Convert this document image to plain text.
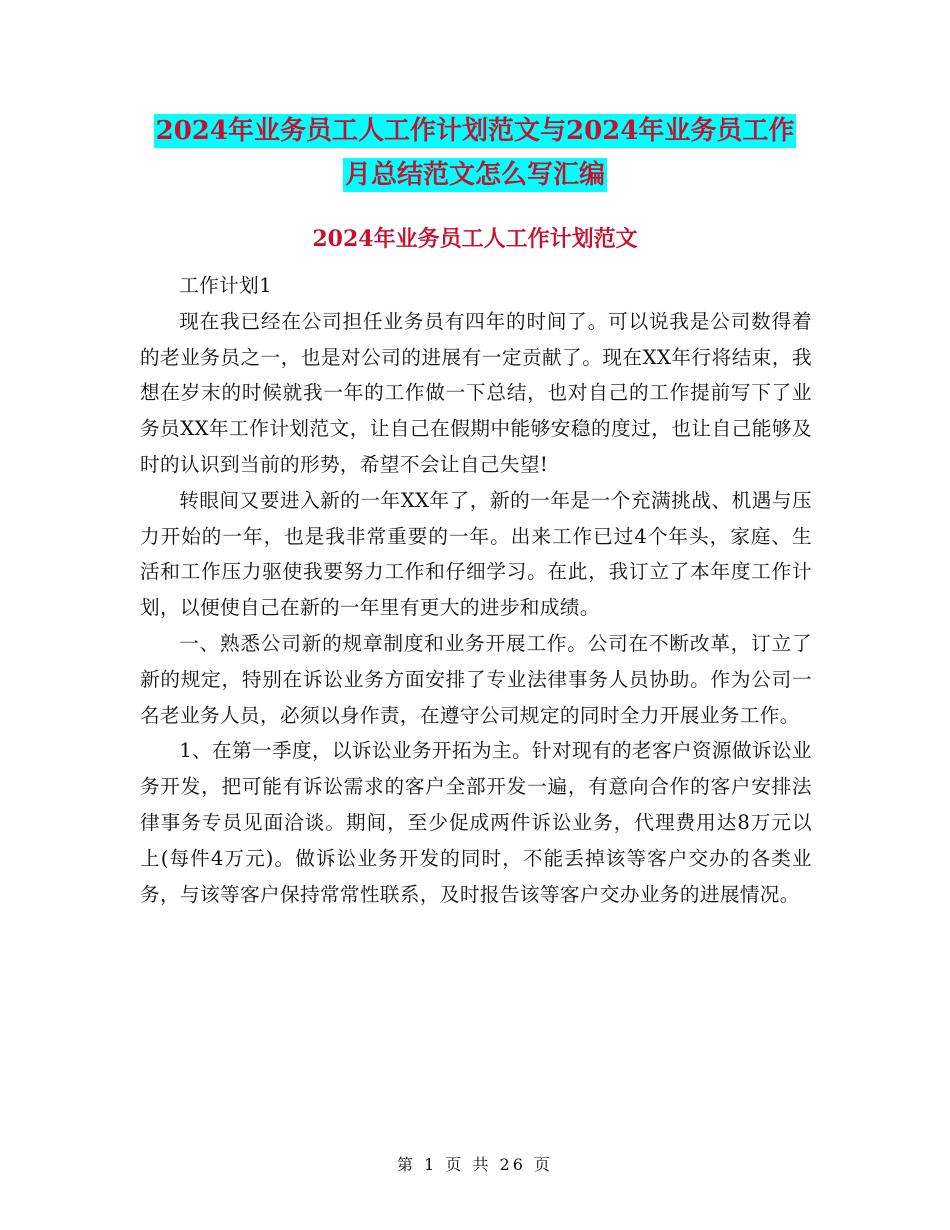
2024年业务员工人工作计划范文与2024年业务员工作
月总结范文怎么写汇编
2024年业务员工人工作计划范文

工作计划1

现在我已经在公司担任业务员有四年的时间了。可以说我是公司数得着的老业务员之一，也是对公司的进展有一定贡献了。现在XX年行将结束，我想在岁末的时候就我一年的工作做一下总结，也对自己的工作提前写下了业务员XX年工作计划范文，让自己在假期中能够安稳的度过，也让自己能够及时的认识到当前的形势，希望不会让自己失望!

转眼间又要进入新的一年XX年了，新的一年是一个充满挑战、机遇与压力开始的一年，也是我非常重要的一年。出来工作已过4个年头，家庭、生活和工作压力驱使我要努力工作和仔细学习。在此，我订立了本年度工作计划，以便使自己在新的一年里有更大的进步和成绩。

一、熟悉公司新的规章制度和业务开展工作。公司在不断改革，订立了新的规定，特别在诉讼业务方面安排了专业法律事务人员协助。作为公司一名老业务人员，必须以身作责，在遵守公司规定的同时全力开展业务工作。

1、在第一季度，以诉讼业务开拓为主。针对现有的老客户资源做诉讼业务开发，把可能有诉讼需求的客户全部开发一遍，有意向合作的客户安排法律事务专员见面洽谈。期间，至少促成两件诉讼业务，代理费用达8万元以上(每件4万元)。做诉讼业务开发的同时，不能丢掉该等客户交办的各类业务，与该等客户保持常常性联系，及时报告该等客户交办业务的进展情况。

第 1 页 共 26 页
